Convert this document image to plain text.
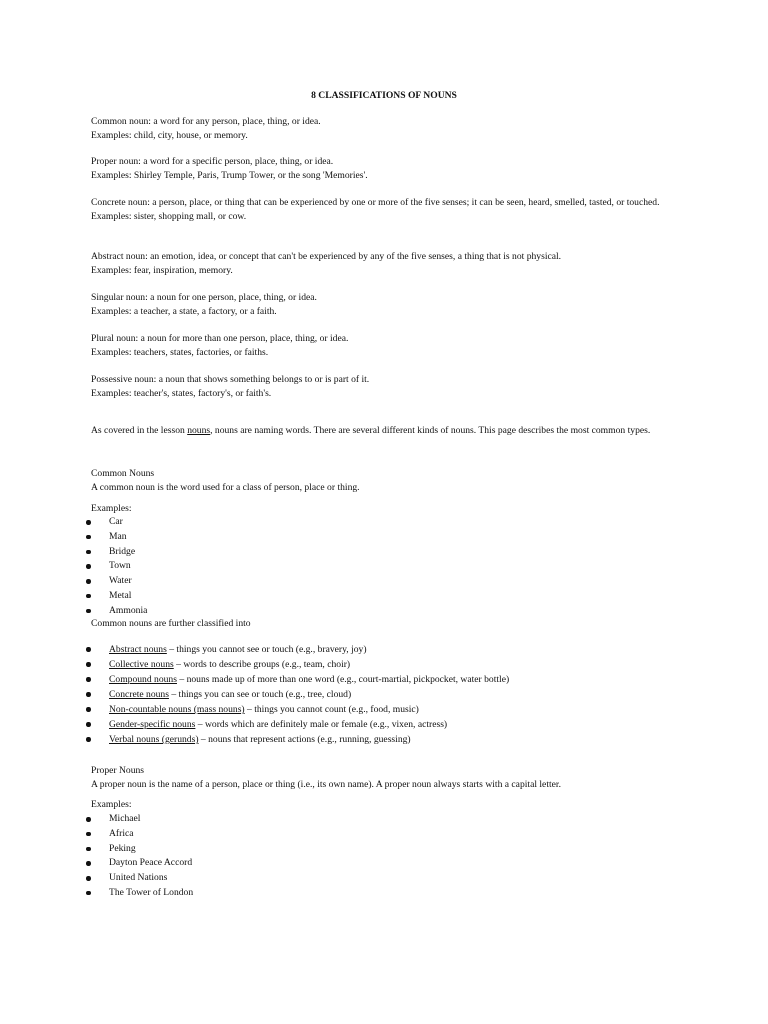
8 CLASSIFICATIONS OF NOUNS

Common noun: a word for any person, place, thing, or idea.

Examples: child, city, house, or memory.

Proper noun: a word for a specific person, place, thing, or idea.

Examples: Shirley Temple, Paris, Trump Tower, or the song 'Memories'.

Concrete noun: a person, place, or thing that can be experienced by one or more of the five senses; it can be seen, heard, smelled, tasted, or touched.

Examples: sister, shopping mall, or cow.

Abstract noun: an emotion, idea, or concept that can't be experienced by any of the five senses, a thing that is not physical.

Examples: fear, inspiration, memory.

Singular noun: a noun for one person, place, thing, or idea.

Examples: a teacher, a state, a factory, or a faith.

Plural noun: a noun for more than one person, place, thing, or idea.

Examples: teachers, states, factories, or faiths.

Possessive noun: a noun that shows something belongs to or is part of it.

Examples: teacher's, states, factory's, or faith's.

As covered in the lesson nouns, nouns are naming words. There are several different kinds of nouns. This page describes the most common types.

Common Nouns

A common noun is the word used for a class of person, place or thing.

Examples:
Car
Man
Bridge
Town
Water
Metal
Ammonia
Common nouns are further classified into
Abstract nouns – things you cannot see or touch (e.g., bravery, joy)
Collective nouns – words to describe groups (e.g., team, choir)
Compound nouns – nouns made up of more than one word (e.g., court-martial, pickpocket, water bottle)
Concrete nouns – things you can see or touch (e.g., tree, cloud)
Non-countable nouns (mass nouns) – things you cannot count (e.g., food, music)
Gender-specific nouns – words which are definitely male or female (e.g., vixen, actress)
Verbal nouns (gerunds) – nouns that represent actions (e.g., running, guessing)

Proper Nouns

A proper noun is the name of a person, place or thing (i.e., its own name). A proper noun always starts with a capital letter.

Examples:
Michael
Africa
Peking
Dayton Peace Accord
United Nations
The Tower of London
